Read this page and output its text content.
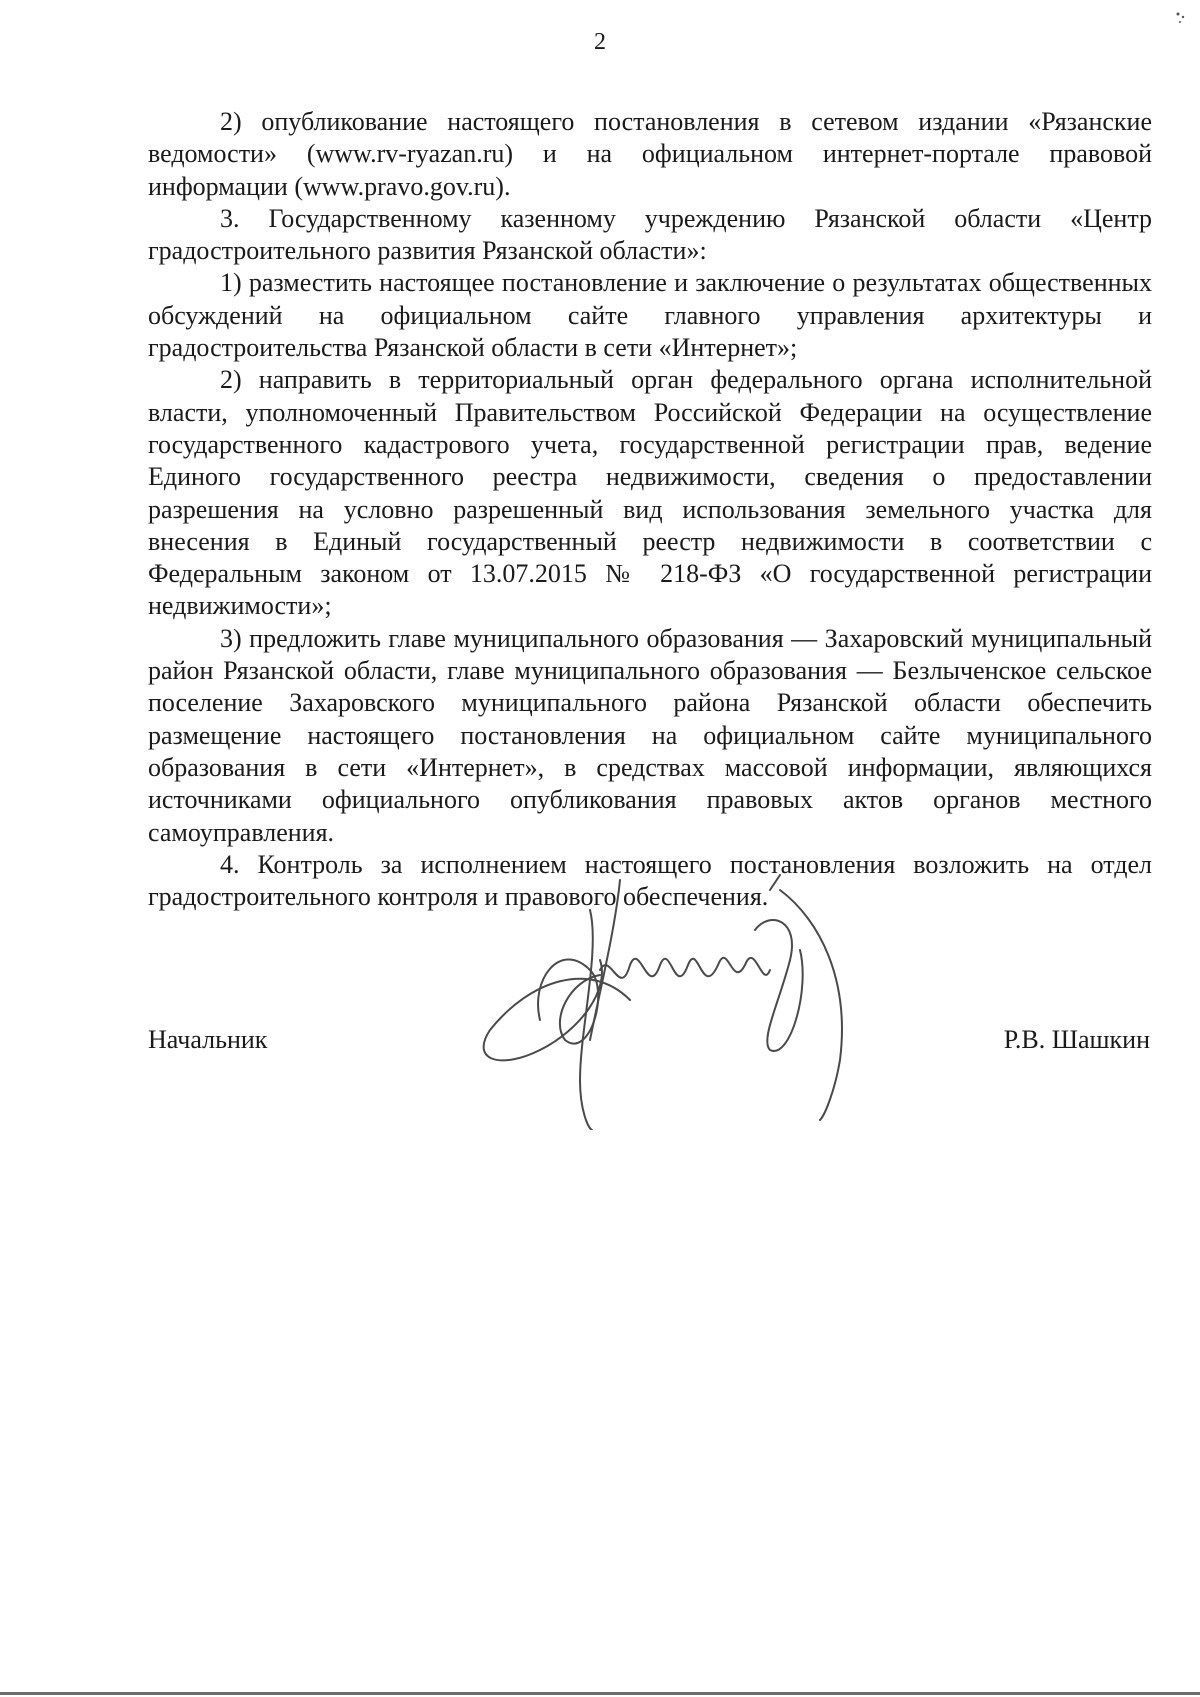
2

2) опубликование настоящего постановления в сетевом издании «Рязанские ведомости» (www.rv-ryazan.ru) и на официальном интернет-портале правовой информации (www.pravo.gov.ru).

3. Государственному казенному учреждению Рязанской области «Центр градостроительного развития Рязанской области»:

1) разместить настоящее постановление и заключение о результатах общественных обсуждений на официальном сайте главного управления архитектуры и градостроительства Рязанской области в сети «Интернет»;

2) направить в территориальный орган федерального органа исполнительной власти, уполномоченный Правительством Российской Федерации на осуществление государственного кадастрового учета, государственной регистрации прав, ведение Единого государственного реестра недвижимости, сведения о предоставлении разрешения на условно разрешенный вид использования земельного участка для внесения в Единый государственный реестр недвижимости в соответствии с Федеральным законом от 13.07.2015 № 218-ФЗ «О государственной регистрации недвижимости»;

3) предложить главе муниципального образования — Захаровский муниципальный район Рязанской области, главе муниципального образования — Безлыченское сельское поселение Захаровского муниципального района Рязанской области обеспечить размещение настоящего постановления на официальном сайте муниципального образования в сети «Интернет», в средствах массовой информации, являющихся источниками официального опубликования правовых актов органов местного самоуправления.

4. Контроль за исполнением настоящего постановления возложить на отдел градостроительного контроля и правового обеспечения.

Начальник	Р.В. Шашкин
